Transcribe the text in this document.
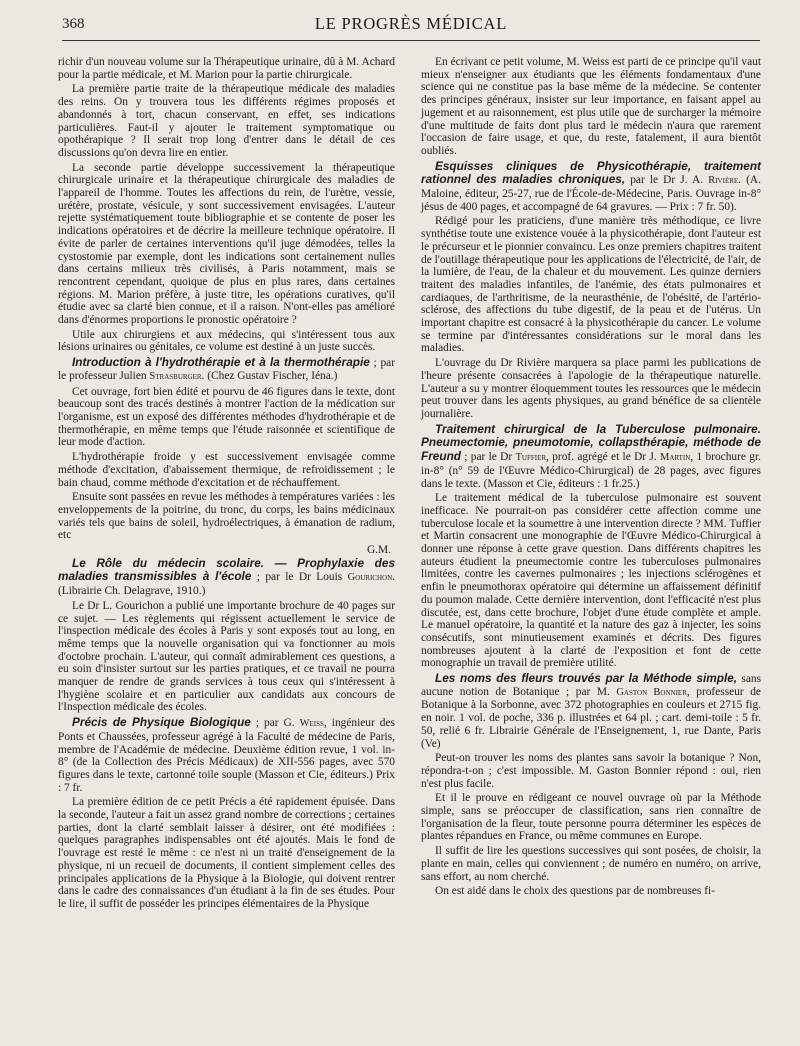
368	LE PROGRÈS MÉDICAL

richir d'un nouveau volume sur la Thérapeutique urinaire, dû à M. Achard pour la partie médicale, et M. Marion pour la partie chirurgicale.

La première partie traite de la thérapeutique médicale des maladies des reins. On y trouvera tous les différents régimes proposés et abandonnés à tort, chacun conservant, en effet, ses indications particulières. Faut-il y ajouter le traitement symptomatique ou opothérapique ? Il serait trop long d'entrer dans le détail de ces discussions qu'on devra lire en entier.

La seconde partie développe successivement la thérapeutique chirurgicale urinaire et la thérapeutique chirurgicale des maladies de l'appareil de l'homme. Toutes les affections du rein, de l'urètre, vessie, urétère, prostate, vésicule, y sont successivement envisagées. L'auteur rejette systématiquement toute bibliographie et se contente de poser les indications opératoires et de décrire la meilleure technique opératoire. Il évite de parler de certaines interventions qu'il juge démodées, telles la cystostomie par exemple, dont les indications sont certainement nulles dans certains milieux très civilisés, à Paris notamment, mais se rencontrent cependant, quoique de plus en plus rares, dans certaines régions. M. Marion préfère, à juste titre, les opérations curatives, qu'il étudie avec sa clarté bien connue, et il a raison. N'ont-elles pas amélioré dans d'énormes proportions le pronostic opératoire ?

Utile aux chirurgiens et aux médecins, qui s'intéressent tous aux lésions urinaires ou génitales, ce volume est destiné à un juste succès.

Introduction à l'hydrothérapie et à la thermothérapie ; par le professeur Julien Strasburger. (Chez Gustav Fischer, Iéna.)

Cet ouvrage, fort bien édité et pourvu de 46 figures dans le texte, dont beaucoup sont des tracés destinés à montrer l'action de la médication sur l'organisme, est un exposé des différentes méthodes d'hydrothérapie et de thermothérapie, en même temps que l'étude raisonnée et scientifique de leur mode d'action.

L'hydrothérapie froide y est successivement envisagée comme méthode d'excitation, d'abaissement thermique, de refroidissement ; le bain chaud, comme méthode d'excitation et de réchauffement.

Ensuite sont passées en revue les méthodes à températures variées : les enveloppements de la poitrine, du tronc, du corps, les bains médicinaux variés tels que bains de soleil, hydroélectriques, à émanation de radium, etc

G.M.

Le Rôle du médecin scolaire. — Prophylaxie des maladies transmissibles à l'école ; par le Dr Louis Gourichon. (Librairie Ch. Delagrave, 1910.)

Le Dr L. Gourichon a publié une importante brochure de 40 pages sur ce sujet. — Les règlements qui régissent actuellement le service de l'inspection médicale des écoles à Paris y sont exposés tout au long, en même temps que la nouvelle organisation qui va fonctionner au mois d'octobre prochain. L'auteur, qui connaît admirablement ces questions, a eu soin d'insister surtout sur les parties pratiques, et ce travail ne pourra manquer de rendre de grands services à tous ceux qui s'intéressent à l'hygiène scolaire et en particulier aux candidats aux concours de l'Inspection médicale des écoles.

Précis de Physique Biologique ; par G. Weiss, ingénieur des Ponts et Chaussées, professeur agrégé à la Faculté de médecine de Paris, membre de l'Académie de médecine. Deuxième édition revue, 1 vol. in-8° (de la Collection des Précis Médicaux) de XII-556 pages, avec 570 figures dans le texte, cartonné toile souple (Masson et Cie, éditeurs.) Prix : 7 fr.

La première édition de ce petit Précis a été rapidement épuisée. Dans la seconde, l'auteur a fait un assez grand nombre de corrections ; certaines parties, dont la clarté semblait laisser à désirer, ont été modifiées : quelques paragraphes indispensables ont été ajoutés. Mais le fond de l'ouvrage est resté le même : ce n'est ni un traité d'enseignement de la physique, ni un recueil de documents, il contient simplement celles des principales applications de la Physique à la Biologie, qui doivent rentrer dans le cadre des connaissances d'un étudiant à la fin de ses études. Pour le lire, il suffit de posséder les principes élémentaires de la Physique

En écrivant ce petit volume, M. Weiss est parti de ce principe qu'il vaut mieux n'enseigner aux étudiants que les éléments fondamentaux d'une science qui ne constitue pas la base même de la médecine. Se contenter des principes généraux, insister sur leur importance, en faisant appel au jugement et au raisonnement, est plus utile que de surcharger la mémoire d'une multitude de faits dont plus tard le médecin n'aura que rarement l'occasion de faire usage, et que, du reste, fatalement, il aura bientôt oubliés.

Esquisses cliniques de Physicothérapie, traitement rationnel des maladies chroniques, par le Dr J. A. Rivière. (A. Maloine, éditeur, 25-27, rue de l'École-de-Médecine, Paris. Ouvrage in-8° jésus de 400 pages, et accompagné de 64 gravures. — Prix : 7 fr. 50).

Rédigé pour les praticiens, d'une manière très méthodique, ce livre synthétise toute une existence vouée à la physicothérapie, dont l'auteur est le précurseur et le pionnier convaincu. Les onze premiers chapitres traitent de l'outillage thérapeutique pour les applications de l'électricité, de l'air, de la lumière, de l'eau, de la chaleur et du mouvement. Les quinze derniers traitent des maladies infantiles, de l'anémie, des états pulmonaires et cardiaques, de l'arthritisme, de la neurasthénie, de l'obésité, de l'artério-sclérose, des affections du tube digestif, de la peau et de l'utérus. Un important chapitre est consacré à la physicothérapie du cancer. Le volume se termine par d'intéressantes considérations sur le moral dans les maladies.

L'ouvrage du Dr Rivière marquera sa place parmi les publications de l'heure présente consacrées à l'apologie de la thérapeutique naturelle. L'auteur a su y montrer éloquemment toutes les ressources que le médecin peut trouver dans les agents physiques, au grand bénéfice de sa clientèle journalière.

Traitement chirurgical de la Tuberculose pulmonaire. Pneumectomie, pneumotomie, collapsthérapie, méthode de Freund ; par le Dr Tuffier, prof. agrégé et le Dr J. Martin, 1 brochure gr. in-8° (n° 59 de l'Œuvre Médico-Chirurgical) de 28 pages, avec figures dans le texte. (Masson et Cie, éditeurs : 1 fr.25.)

Le traitement médical de la tuberculose pulmonaire est souvent inefficace. Ne pourrait-on pas considérer cette affection comme une tuberculose locale et la soumettre à une intervention directe ? MM. Tuffier et Martin consacrent une monographie de l'Œuvre Médico-Chirurgical à donner une réponse à cette grave question. Dans différents chapitres les auteurs étudient la pneumectomie contre les tuberculoses pulmonaires limitées, contre les cavernes pulmonaires ; les injections sclérogènes et enfin le pneumothorax opératoire qui détermine un affaissement définitif du poumon malade. Cette dernière intervention, dont l'efficacité n'est plus discutée, est, dans cette brochure, l'objet d'une étude complète et ample. Le manuel opératoire, la quantité et la nature des gaz à injecter, les soins consécutifs, sont minutieusement examinés et décrits. Des figures nombreuses ajoutent à la clarté de l'exposition et font de cette monographie un travail de première utilité.

Les noms des fleurs trouvés par la Méthode simple, sans aucune notion de Botanique ; par M. Gaston Bonnier, professeur de Botanique à la Sorbonne, avec 372 photographies en couleurs et 2715 fig. en noir. 1 vol. de poche, 336 p. illustrées et 64 pl. ; cart. demi-toile : 5 fr. 50, relié 6 fr. Librairie Générale de l'Enseignement, 1, rue Dante, Paris (Ve)

Peut-on trouver les noms des plantes sans savoir la botanique ? Non, répondra-t-on ; c'est impossible. M. Gaston Bonnier répond : oui, rien n'est plus facile.

Et il le prouve en rédigeant ce nouvel ouvrage où par la Méthode simple, sans se préoccuper de classification, sans rien connaître de l'organisation de la fleur, toute personne pourra déterminer les espèces de plantes répandues en France, ou même communes en Europe.

Il suffit de lire les questions successives qui sont posées, de choisir, la plante en main, celles qui conviennent ; de numéro en numéro, on arrive, sans effort, au nom cherché.

On est aidé dans le choix des questions par de nombreuses fi-
